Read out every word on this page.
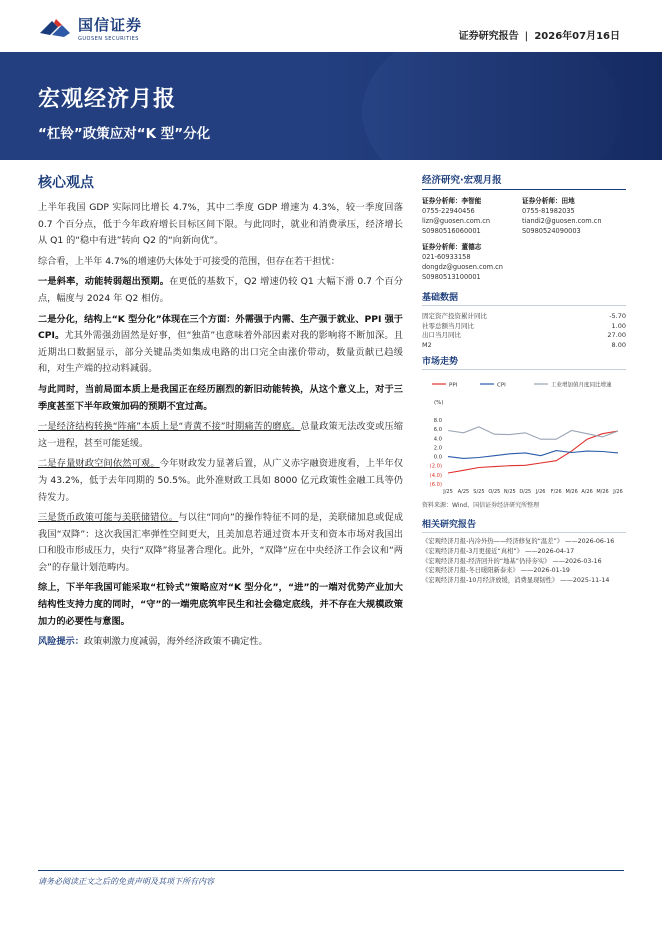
国信证券
GUOSEN SECURITIES	证券研究报告 | 2026年07月16日
宏观经济月报
“杠铃”政策应对“K 型”分化
核心观点

上半年我国 GDP 实际同比增长 4.7%，其中二季度 GDP 增速为 4.3%，较一季度回落 0.7 个百分点，低于今年政府增长目标区间下限。与此同时，就业和消费承压，经济增长从 Q1 的“稳中有进”转向 Q2 的“向新向优”。

综合看，上半年 4.7%的增速仍大体处于可接受的范围，但存在若干担忧：

一是斜率，动能转弱超出预期。在更低的基数下，Q2 增速仍较 Q1 大幅下滑 0.7 个百分点，幅度与 2024 年 Q2 相仿。

二是分化，结构上“K 型分化”体现在三个方面：外需强于内需、生产强于就业、PPI 强于 CPI。尤其外需强劲固然是好事，但“独苗”也意味着外部因素对我的影响将不断加深。且近期出口数据显示，部分关键品类如集成电路的出口完全由涨价带动，数量贡献已趋缓和，对生产端的拉动料减弱。

与此同时，当前局面本质上是我国正在经历剧烈的新旧动能转换，从这个意义上，对于三季度甚至下半年政策加码的预期不宜过高。

一是经济结构转换“阵痛”本质上是“青黄不接”时期痛苦的磨底。总量政策无法改变或压缩这一进程，甚至可能延缓。

二是存量财政空间依然可观。今年财政发力显著后置，从广义赤字融资进度看，上半年仅为 43.2%，低于去年同期的 50.5%。此外准财政工具如 8000 亿元政策性金融工具等仍待发力。

三是货币政策可能与美联储错位。与以往“同向”的操作特征不同的是，美联储加息或促成我国“双降”：这次我国汇率弹性空间更大，且美加息若通过资本开支和资本市场对我国出口和股市形成压力，央行“双降”将显著合理化。此外，“双降”应在中央经济工作会议和“两会”的存量计划范畴内。

综上，下半年我国可能采取“杠铃式”策略应对“K 型分化”，“进”的一端对优势产业加大结构性支持力度的同时，“守”的一端兜底筑牢民生和社会稳定底线，并不存在大规模政策加力的必要性与意图。

风险提示：政策刺激力度减弱，海外经济政策不确定性。

经济研究·宏观月报
证券分析师：李智能
0755-22940456
lizn@guosen.com.cn
S0980516060001
证券分析师：田地
0755-81982035
tiandi2@guosen.com.cn
S0980524090003
证券分析师：董德志
021-60933158
dongdz@guosen.com.cn
S0980513100001
基础数据
固定资产投资累计同比	-5.70
社零总额当月同比	1.00
出口当月同比	27.00
M2	8.00
市场走势
PPI	CPI	工业增加值月度同比增速
(%)
8.0
6.0
4.0
2.0
0.0
(2.0)
(4.0)
(6.0)
J/25 A/25 S/25 O/25 N/25 D/25 J/26 F/26 M/26 A/26 M/26 J/26
资料来源：Wind、国信证券经济研究所整理
相关研究报告
《宏观经济月报-内冷外热——经济修复的“温差”》 ——2026-06-16
《宏观经济月报-3月更接近“真相”》 ——2026-04-17
《宏观经济月报-经济回升的“地基”仍待夯实》 ——2026-03-16
《宏观经济月报-冬日暖阳新泰来》 ——2026-01-19
《宏观经济月报-10月经济放缓，消费显现韧性》 ——2025-11-14
请务必阅读正文之后的免责声明及其项下所有内容
